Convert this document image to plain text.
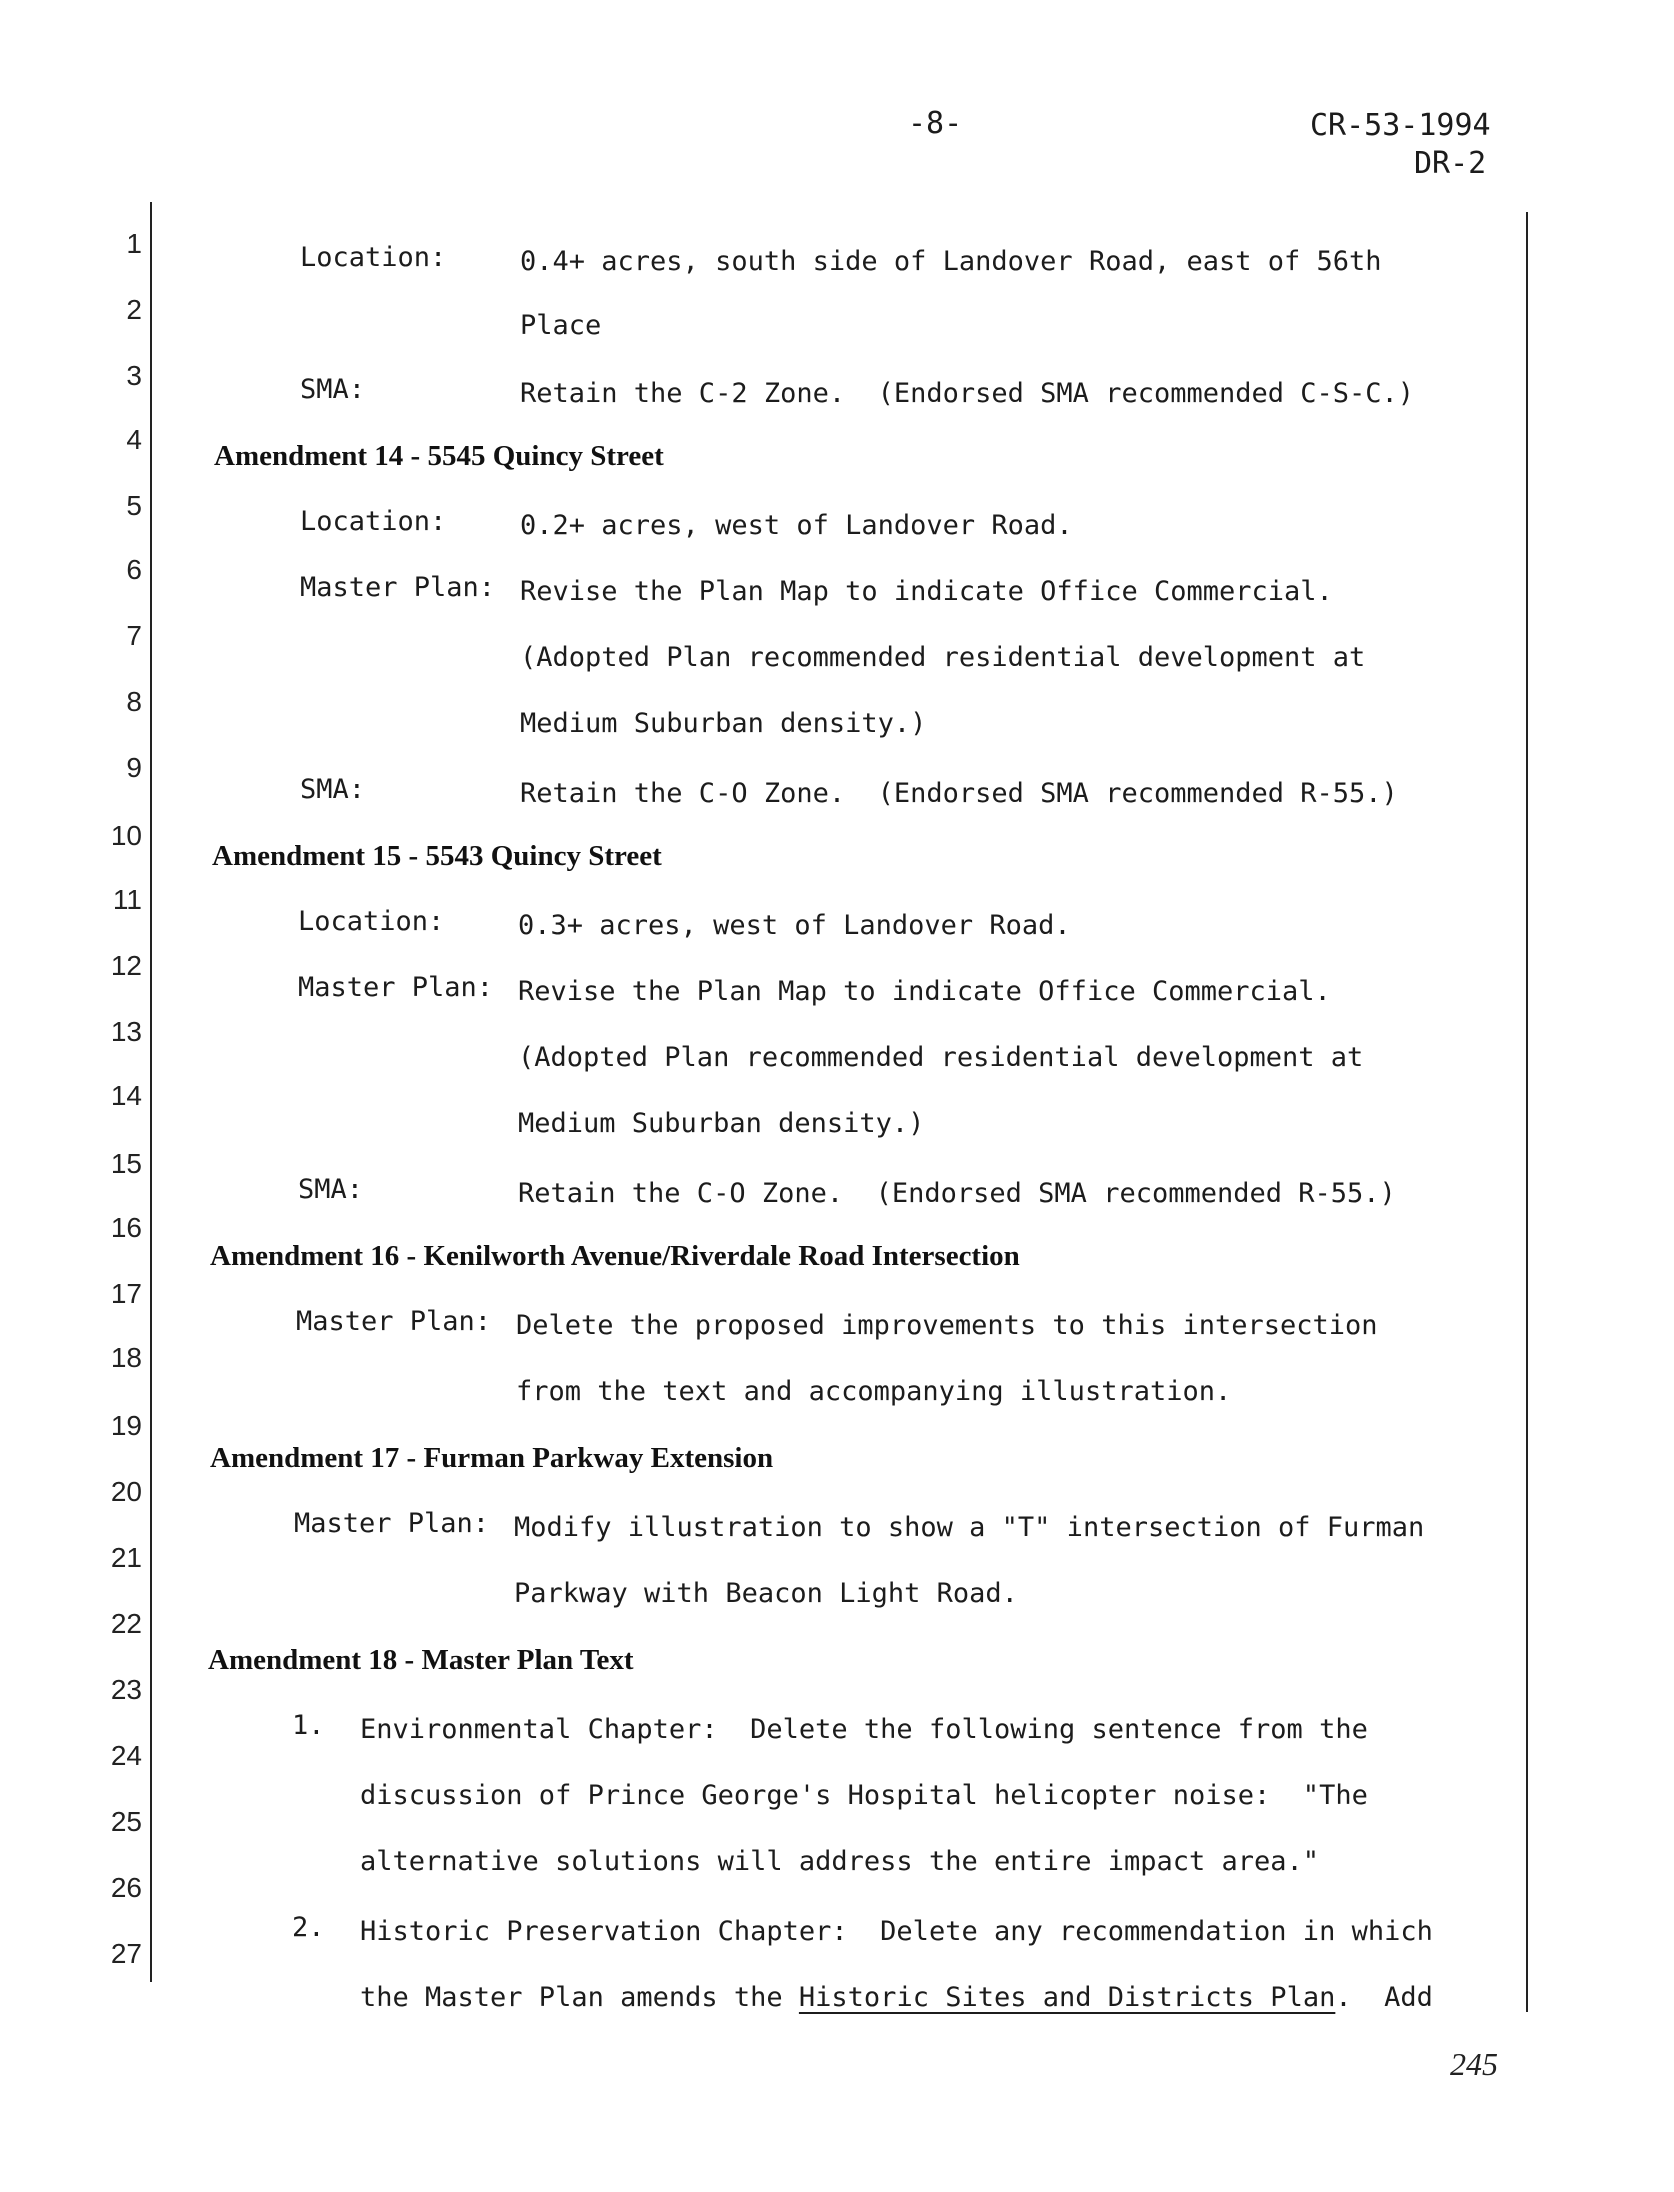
-8-	CR-53-1994
DR-2
1
2
3
4
5
6
7
8
9
10
11
12
13
14
15
16
17
18
19
20
21
22
23
24
25
26
27
Location:	0.4+ acres, south side of Landover Road, east of 56th
Place
SMA:	Retain the C-2 Zone.  (Endorsed SMA recommended C-S-C.)
Amendment 14 - 5545 Quincy Street
Location:	0.2+ acres, west of Landover Road.
Master Plan: Revise the Plan Map to indicate Office Commercial.
(Adopted Plan recommended residential development at
Medium Suburban density.)
SMA:	Retain the C-O Zone.  (Endorsed SMA recommended R-55.)
Amendment 15 - 5543 Quincy Street
Location:	0.3+ acres, west of Landover Road.
Master Plan: Revise the Plan Map to indicate Office Commercial.
(Adopted Plan recommended residential development at
Medium Suburban density.)
SMA:	Retain the C-O Zone.  (Endorsed SMA recommended R-55.)
Amendment 16 - Kenilworth Avenue/Riverdale Road Intersection
Master Plan: Delete the proposed improvements to this intersection
from the text and accompanying illustration.
Amendment 17 - Furman Parkway Extension
Master Plan: Modify illustration to show a "T" intersection of Furman
Parkway with Beacon Light Road.
Amendment 18 - Master Plan Text
1. Environmental Chapter:  Delete the following sentence from the
discussion of Prince George's Hospital helicopter noise:  "The
alternative solutions will address the entire impact area."
2. Historic Preservation Chapter:  Delete any recommendation in which
the Master Plan amends the Historic Sites and Districts Plan.  Add
245
